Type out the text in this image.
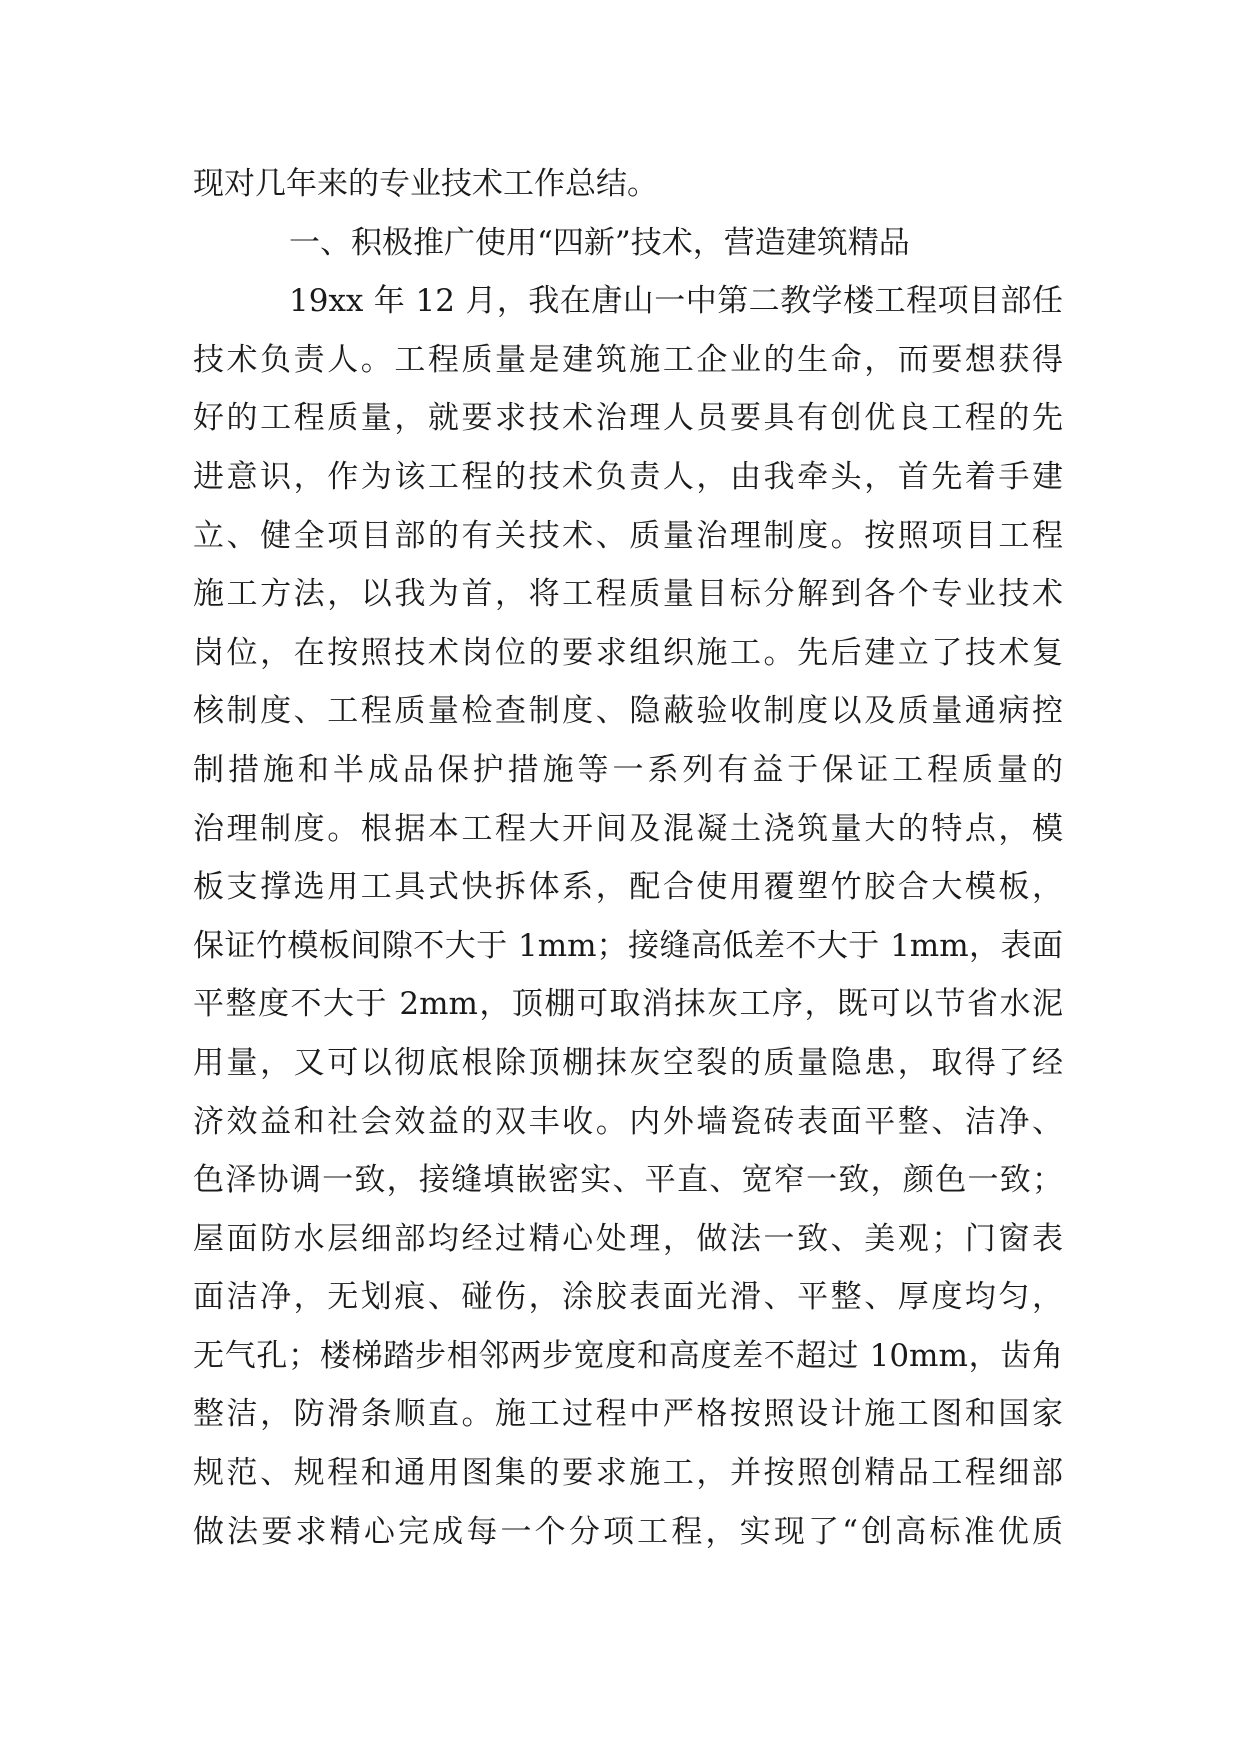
现对几年来的专业技术工作总结。
一、积极推广使用“四新”技术，营造建筑精品
19xx 年 12 月，我在唐山一中第二教学楼工程项目部任
技术负责人。工程质量是建筑施工企业的生命，而要想获得
好的工程质量，就要求技术治理人员要具有创优良工程的先
进意识，作为该工程的技术负责人，由我牵头，首先着手建
立、健全项目部的有关技术、质量治理制度。按照项目工程
施工方法，以我为首，将工程质量目标分解到各个专业技术
岗位，在按照技术岗位的要求组织施工。先后建立了技术复
核制度、工程质量检查制度、隐蔽验收制度以及质量通病控
制措施和半成品保护措施等一系列有益于保证工程质量的
治理制度。根据本工程大开间及混凝土浇筑量大的特点，模
板支撑选用工具式快拆体系，配合使用覆塑竹胶合大模板，
保证竹模板间隙不大于 1mm；接缝高低差不大于 1mm，表面
平整度不大于 2mm，顶棚可取消抹灰工序，既可以节省水泥
用量，又可以彻底根除顶棚抹灰空裂的质量隐患，取得了经
济效益和社会效益的双丰收。内外墙瓷砖表面平整、洁净、
色泽协调一致，接缝填嵌密实、平直、宽窄一致，颜色一致；
屋面防水层细部均经过精心处理，做法一致、美观；门窗表
面洁净，无划痕、碰伤，涂胶表面光滑、平整、厚度均匀，
无气孔；楼梯踏步相邻两步宽度和高度差不超过 10mm，齿角
整洁，防滑条顺直。施工过程中严格按照设计施工图和国家
规范、规程和通用图集的要求施工，并按照创精品工程细部
做法要求精心完成每一个分项工程，实现了“创高标准优质
